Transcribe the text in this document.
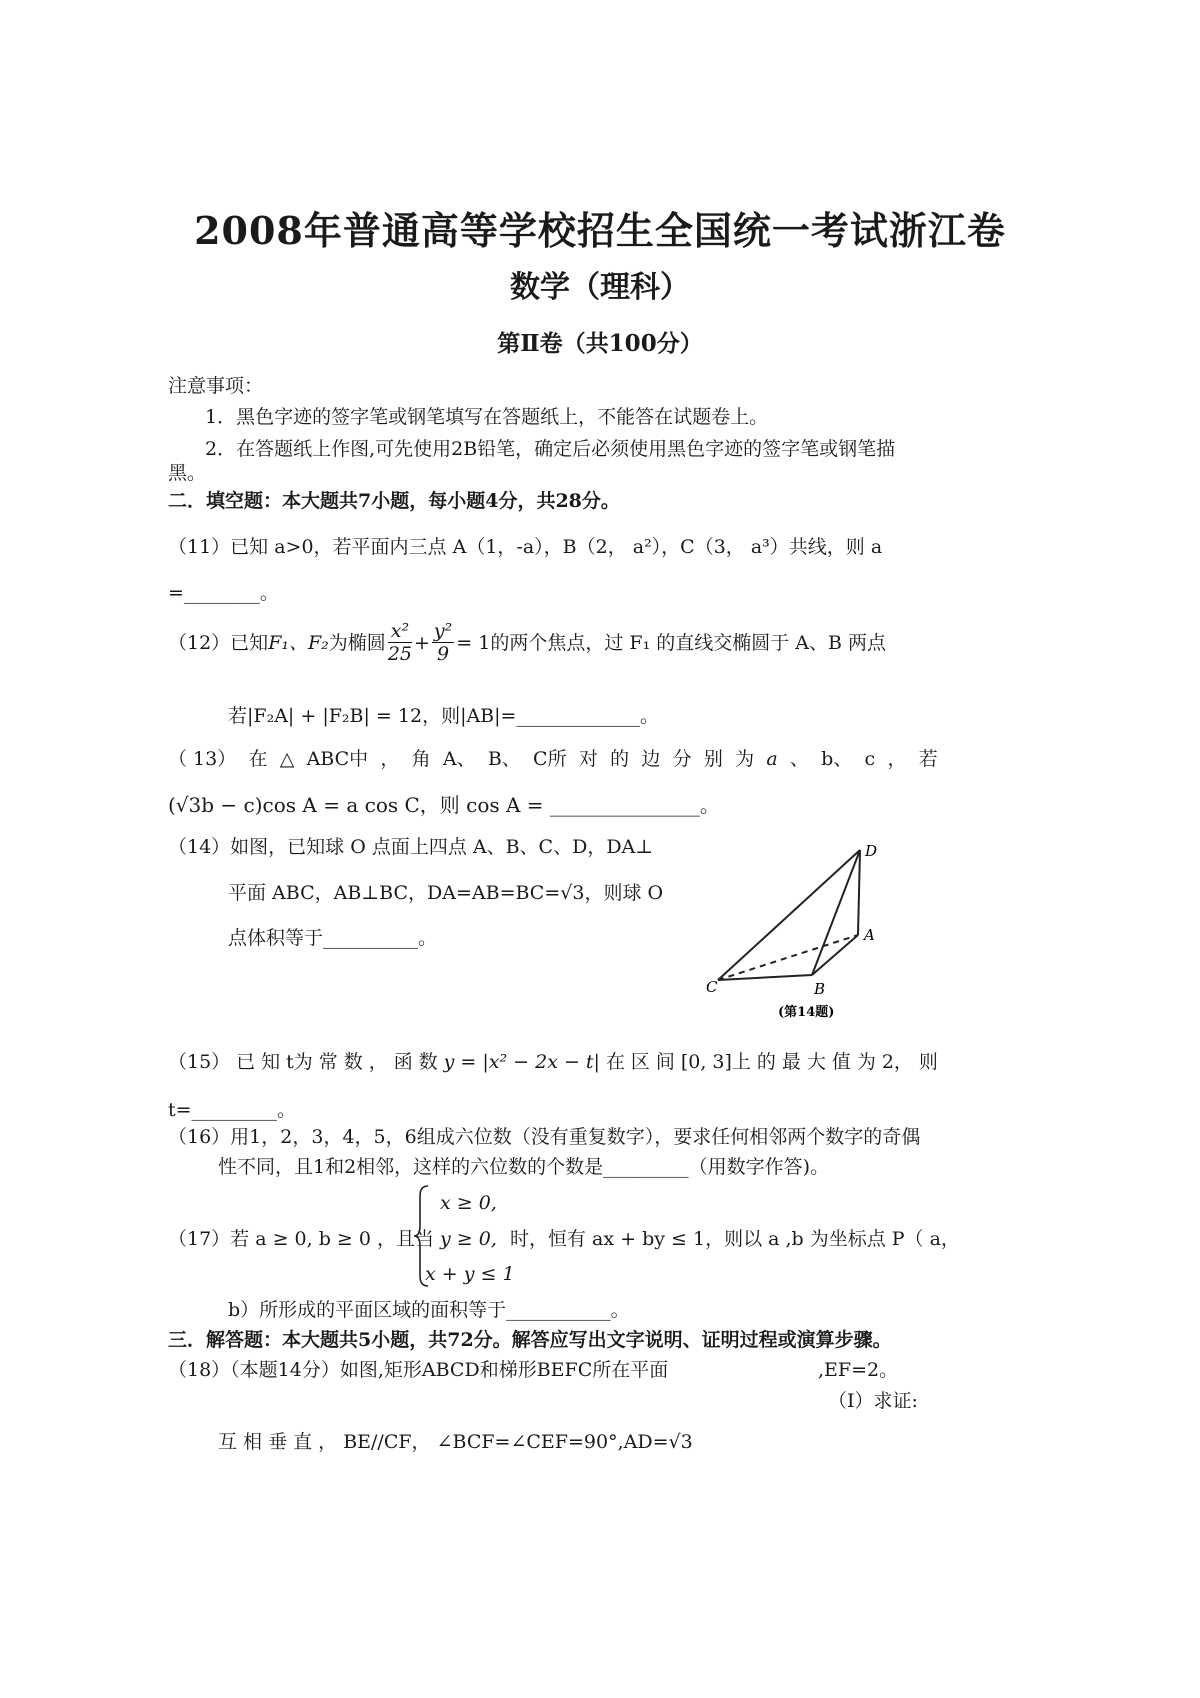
2008年普通高等学校招生全国统一考试浙江卷
数学（理科）
第Ⅱ卷（共100分）
注意事项：
1．黑色字迹的签字笔或钢笔填写在答题纸上，不能答在试题卷上。
2．在答题纸上作图,可先使用2B铅笔，确定后必须使用黑色字迹的签字笔或钢笔描
黑。
二．填空题：本大题共7小题，每小题4分，共28分。
（11）已知 a>0，若平面内三点 A（1，-a），B（2， a²），C（3， a³）共线，则 a
=________。
（12）已知 F₁、F₂ 为椭圆 $\frac{\text{x²}}{25} + \frac{\text{y²}}{9} = 1$ 的两个焦点，过 F₁ 的直线交椭圆于 A、B 两点
若|F₂A| + |F₂B| = 12，则|AB|=_____________。
（ 13） 在 △ ABC中 ， 角 A、 B、 C所 对 的 边 分 别 为 a 、 b、 c ， 若
(√3b − c)cos A = a cos C，则 cos A = _______________。
（14）如图，已知球 O 点面上四点 A、B、C、D，DA⊥
平面 ABC，AB⊥BC，DA=AB=BC=√3，则球 O
点体积等于__________。
D
A
B
C
(第14题)
（15） 已 知 t为 常 数 ， 函 数 y = |x² − 2x − t| 在 区 间 [0, 3]上 的 最 大 值 为 2， 则
t=_________。
（16）用1，2，3，4，5，6组成六位数（没有重复数字），要求任何相邻两个数字的奇偶
性不同，且1和2相邻，这样的六位数的个数是_________（用数字作答)。
（17）若 a ≥ 0, b ≥ 0 ，且当
x ≥ 0,
y ≥ 0,
x + y ≤ 1
时，恒有 ax + by ≤ 1，则以 a ,b 为坐标点 P（ a，
b）所形成的平面区域的面积等于___________。
三．解答题：本大题共5小题，共72分。解答应写出文字说明、证明过程或演算步骤。
（18）（本题14分）如图,矩形ABCD和梯形BEFC所在平面	,EF=2。
（Ⅰ）求证:
互 相 垂 直 ， BE//CF， ∠BCF=∠CEF=90°,AD=√3
